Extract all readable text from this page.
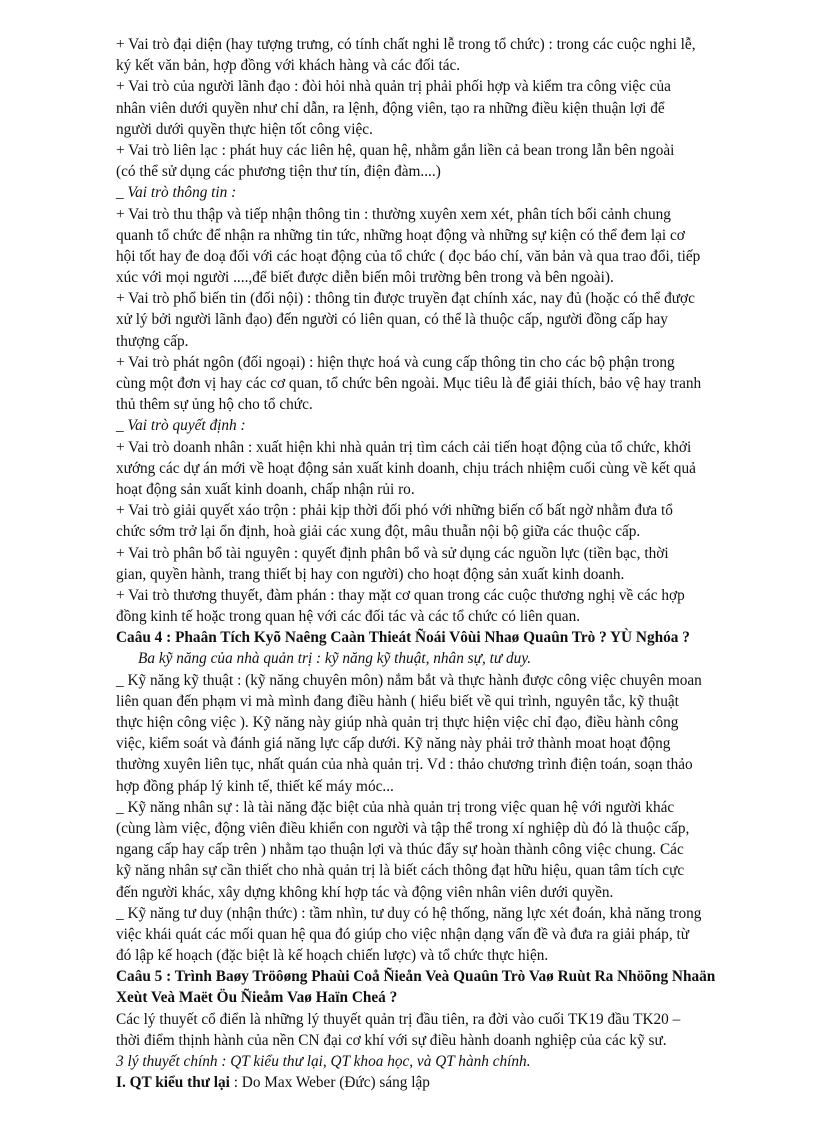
+ Vai trò đại diện (hay tượng trưng, có tính chất nghi lễ trong tổ chức) : trong các cuộc nghi lễ,
ký kết văn bản, hợp đồng với khách hàng và các đối tác.
+ Vai trò của người lãnh đạo : đòi hỏi nhà quản trị phải phối hợp và kiểm tra công việc của
nhân viên dưới quyền như chỉ dẫn, ra lệnh, động viên, tạo ra những điều kiện thuận lợi để
người dưới quyền thực hiện tốt công việc.
+ Vai trò liên lạc : phát huy các liên hệ, quan hệ, nhằm gắn liền cả bean trong lẫn bên ngoài
(có thể sử dụng các phương tiện thư tín, điện đàm....)
_ Vai trò thông tin :
+ Vai trò thu thập và tiếp nhận thông tin : thường xuyên xem xét, phân tích bối cảnh chung
quanh tổ chức để nhận ra những tin tức, những hoạt động và những sự kiện có thể đem lại cơ
hội tốt hay đe doạ đối với các hoạt động của tổ chức ( đọc báo chí, văn bản và qua trao đổi, tiếp
xúc với mọi người ....,để biết được diễn biến môi trường bên trong và bên ngoài).
+ Vai trò phổ biến tin (đối nội) : thông tin được truyền đạt chính xác, nay đủ (hoặc có thể được
xử lý bởi người lãnh đạo) đến người có liên quan, có thể là thuộc cấp, người đồng cấp hay
thượng cấp.
+ Vai trò phát ngôn (đối ngoại) : hiện thực hoá và cung cấp thông tin cho các bộ phận trong
cùng một đơn vị hay các cơ quan, tổ chức bên ngoài. Mục tiêu là để giải thích, bảo vệ hay tranh
thủ thêm sự ủng hộ cho tổ chức.
_ Vai trò quyết định :
+ Vai trò doanh nhân : xuất hiện khi nhà quản trị tìm cách cải tiến hoạt động của tổ chức, khởi
xướng các dự án mới về hoạt động sản xuất kinh doanh, chịu trách nhiệm cuối cùng về kết quả
hoạt động sản xuất kinh doanh, chấp nhận rủi ro.
+ Vai trò giải quyết xáo trộn : phải kịp thời đối phó với những biến cố bất ngờ nhằm đưa tổ
chức sớm trở lại ổn định, hoà giải các xung đột, mâu thuẫn nội bộ giữa các thuộc cấp.
+ Vai trò phân bổ tài nguyên : quyết định phân bổ và sử dụng các nguồn lực (tiền bạc, thời
gian, quyền hành, trang thiết bị hay con người) cho hoạt động sản xuất kinh doanh.
+ Vai trò thương thuyết, đàm phán : thay mặt cơ quan trong các cuộc thương nghị về các hợp
đồng kinh tế hoặc trong quan hệ với các đối tác và các tổ chức có liên quan.
Caâu 4 : Phaân Tích Kyõ Naêng Caàn Thieát Ñoái Vôùi Nhaø Quaûn Trò ? YÙ Nghóa ?
Ba kỹ năng của nhà quản trị : kỹ năng kỹ thuật, nhân sự, tư duy.
_ Kỹ năng kỹ thuật : (kỹ năng chuyên môn) nắm bắt và thực hành được công việc chuyên moan
liên quan đến phạm vi mà mình đang điều hành ( hiểu biết về qui trình, nguyên tắc, kỹ thuật
thực hiện công việc ). Kỹ năng này giúp nhà quản trị thực hiện việc chỉ đạo, điều hành công
việc, kiểm soát và đánh giá năng lực cấp dưới. Kỹ năng này phải trở thành moat hoạt động
thường xuyên liên tục, nhất quán của nhà quản trị. Vd : thảo chương trình điện toán, soạn thảo
hợp đồng pháp lý kinh tế, thiết kế máy móc...
_ Kỹ năng nhân sự : là tài năng đặc biệt của nhà quản trị trong việc quan hệ với người khác
(cùng làm việc, động viên điều khiển con người và tập thể trong xí nghiệp dù đó là thuộc cấp,
ngang cấp hay cấp trên ) nhằm tạo thuận lợi và thúc đẩy sự hoàn thành công việc chung. Các
kỹ năng nhân sự cần thiết cho nhà quản trị là biết cách thông đạt hữu hiệu, quan tâm tích cực
đến người khác, xây dựng không khí hợp tác và động viên nhân viên dưới quyền.
_ Kỹ năng tư duy (nhận thức) : tầm nhìn, tư duy có hệ thống, năng lực xét đoán, khả năng trong
việc khái quát các mối quan hệ qua đó giúp cho việc nhận dạng vấn đề và đưa ra giải pháp, từ
đó lập kế hoạch (đặc biệt là kế hoạch chiến lược) và tổ chức thực hiện.
Caâu 5 : Trình Baøy Tröôøng Phaùi Coå Ñieån Veà Quaûn Trò Vaø Ruùt Ra Nhöõng Nhaän
Xeùt Veà Maët Öu Ñieåm Vaø Haïn Cheá ?
Các lý thuyết cổ điển là những lý thuyết quản trị đầu tiên, ra đời vào cuối TK19 đầu TK20 –
thời điểm thịnh hành của nền CN đại cơ khí với sự điều hành doanh nghiệp của các kỹ sư.
3 lý thuyết chính : QT kiểu thư lại, QT khoa học, và QT hành chính.
I. QT kiểu thư lại : Do Max Weber (Đức) sáng lập
